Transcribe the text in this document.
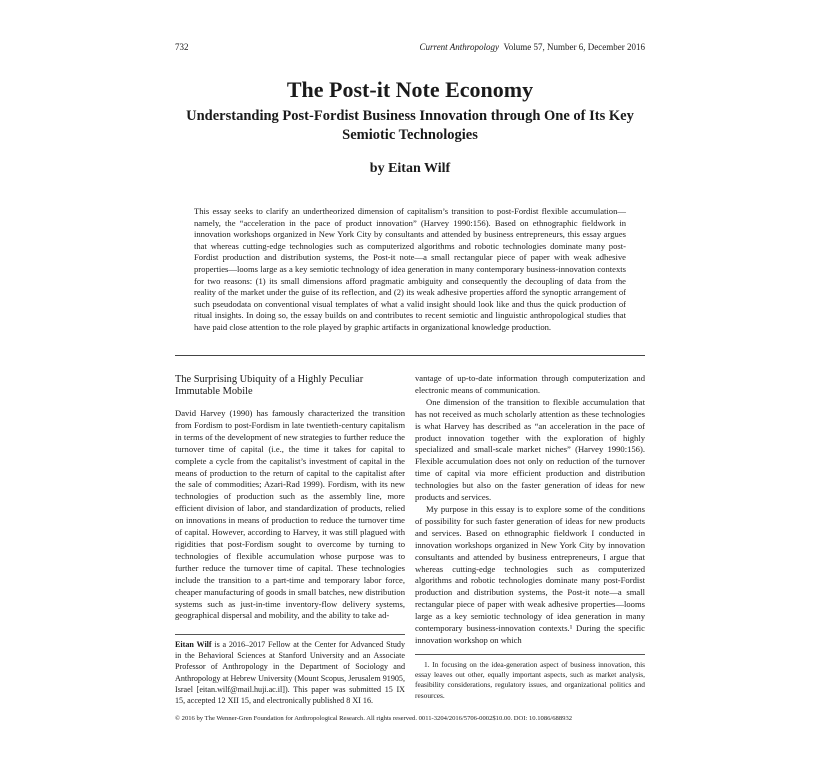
732	Current Anthropology Volume 57, Number 6, December 2016
The Post-it Note Economy
Understanding Post-Fordist Business Innovation through One of Its Key Semiotic Technologies
by Eitan Wilf

This essay seeks to clarify an undertheorized dimension of capitalism’s transition to post-Fordist flexible accumulation—namely, the “acceleration in the pace of product innovation” (Harvey 1990:156). Based on ethnographic fieldwork in innovation workshops organized in New York City by consultants and attended by business entrepreneurs, this essay argues that whereas cutting-edge technologies such as computerized algorithms and robotic technologies dominate many post-Fordist production and distribution systems, the Post-it note—a small rectangular piece of paper with weak adhesive properties—looms large as a key semiotic technology of idea generation in many contemporary business-innovation contexts for two reasons: (1) its small dimensions afford pragmatic ambiguity and consequently the decoupling of data from the reality of the market under the guise of its reflection, and (2) its weak adhesive properties afford the synoptic arrangement of such pseudodata on conventional visual templates of what a valid insight should look like and thus the quick production of ritual insights. In doing so, the essay builds on and contributes to recent semiotic and linguistic anthropological studies that have paid close attention to the role played by graphic artifacts in organizational knowledge production.

The Surprising Ubiquity of a Highly Peculiar Immutable Mobile

David Harvey (1990) has famously characterized the transition from Fordism to post-Fordism in late twentieth-century capitalism in terms of the development of new strategies to further reduce the turnover time of capital (i.e., the time it takes for capital to complete a cycle from the capitalist’s investment of capital in the means of production to the return of capital to the capitalist after the sale of commodities; Azari-Rad 1999). Fordism, with its new technologies of production such as the assembly line, more efficient division of labor, and standardization of products, relied on innovations in means of production to reduce the turnover time of capital. However, according to Harvey, it was still plagued with rigidities that post-Fordism sought to overcome by turning to technologies of flexible accumulation whose purpose was to further reduce the turnover time of capital. These technologies include the transition to a part-time and temporary labor force, cheaper manufacturing of goods in small batches, new distribution systems such as just-in-time inventory-flow delivery systems, geographical dispersal and mobility, and the ability to take ad-

vantage of up-to-date information through computerization and electronic means of communication.

One dimension of the transition to flexible accumulation that has not received as much scholarly attention as these technologies is what Harvey has described as “an acceleration in the pace of product innovation together with the exploration of highly specialized and small-scale market niches” (Harvey 1990:156). Flexible accumulation does not only on reduction of the turnover time of capital via more efficient production and distribution technologies but also on the faster generation of ideas for new products and services.

My purpose in this essay is to explore some of the conditions of possibility for such faster generation of ideas for new products and services. Based on ethnographic fieldwork I conducted in innovation workshops organized in New York City by innovation consultants and attended by business entrepreneurs, I argue that whereas cutting-edge technologies such as computerized algorithms and robotic technologies dominate many post-Fordist production and distribution systems, the Post-it note—a small rectangular piece of paper with weak adhesive properties—looms large as a key semiotic technology of idea generation in many contemporary business-innovation contexts.¹ During the specific innovation workshop on which

Eitan Wilf is a 2016–2017 Fellow at the Center for Advanced Study in the Behavioral Sciences at Stanford University and an Associate Professor of Anthropology in the Department of Sociology and Anthropology at Hebrew University (Mount Scopus, Jerusalem 91905, Israel [eitan.wilf@mail.huji.ac.il]). This paper was submitted 15 IX 15, accepted 12 XII 15, and electronically published 8 XI 16.

1. In focusing on the idea-generation aspect of business innovation, this essay leaves out other, equally important aspects, such as market analysis, feasibility considerations, regulatory issues, and organizational politics and resources.

© 2016 by The Wenner-Gren Foundation for Anthropological Research. All rights reserved. 0011-3204/2016/5706-0002$10.00. DOI: 10.1086/688932
